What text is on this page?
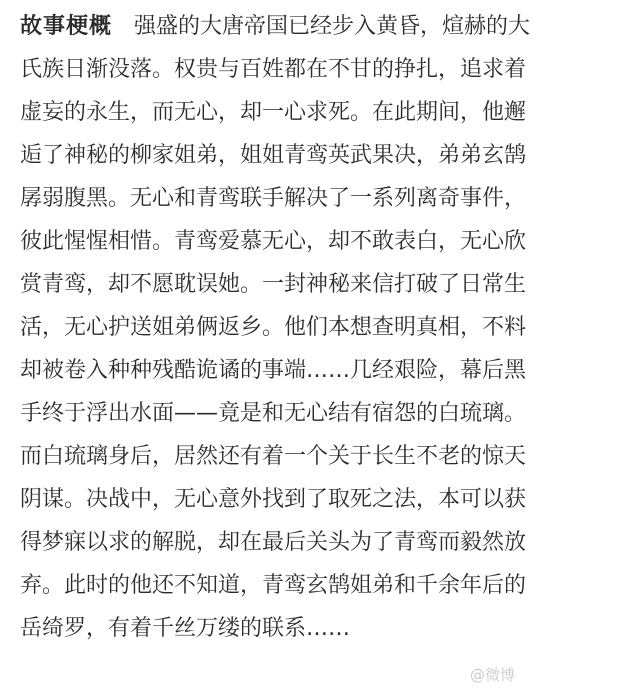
故事梗概 强盛的大唐帝国已经步入黄昏，煊赫的大
氏族日渐没落。权贵与百姓都在不甘的挣扎，追求着
虚妄的永生，而无心，却一心求死。在此期间，他邂
逅了神秘的柳家姐弟，姐姐青鸾英武果决，弟弟玄鹄
孱弱腹黑。无心和青鸾联手解决了一系列离奇事件，
彼此惺惺相惜。青鸾爱慕无心，却不敢表白，无心欣
赏青鸾，却不愿耽误她。一封神秘来信打破了日常生
活，无心护送姐弟俩返乡。他们本想查明真相，不料
却被卷入种种残酷诡谲的事端……几经艰险，幕后黑
手终于浮出水面——竟是和无心结有宿怨的白琉璃。
而白琉璃身后，居然还有着一个关于长生不老的惊天
阴谋。决战中，无心意外找到了取死之法，本可以获
得梦寐以求的解脱，却在最后关头为了青鸾而毅然放
弃。此时的他还不知道，青鸾玄鹄姐弟和千余年后的
岳绮罗，有着千丝万缕的联系……
@微博
